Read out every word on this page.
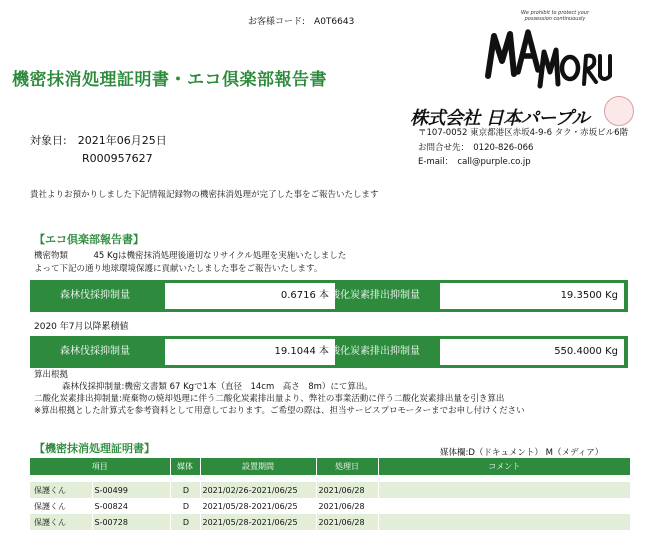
お客様コード:　A0T6643
機密抹消処理証明書・エコ倶楽部報告書
We prohibit to protect your possession continuously
株式会社 日本パープル
〒107-0052 東京都港区赤坂4-9-6 タク・赤坂ビル6階
お問合せ先：　0120-826-066
E-mail：　call@purple.co.jp
対象日:　2021年06月25日
R000957627
貴社よりお預かりしました下記情報記録物の機密抹消処理が完了した事をご報告いたします
【エコ倶楽部報告書】
機密物類　　　45 Kgは機密抹消処理後適切なリサイクル処理を実施いたしました
よって下記の通り地球環境保護に貢献いたしました事をご報告いたします。
森林伐採抑制量	0.6716 本
二酸化炭素排出抑制量	19.3500 Kg
2020 年7月以降累積値
森林伐採抑制量	19.1044 本
二酸化炭素排出抑制量	550.4000 Kg
算出根拠
森林伐採抑制量:機密文書類 67 Kgで1本（直径　14cm　高さ　8m）にて算出。
二酸化炭素排出抑制量:廃棄物の焼却処理に伴う二酸化炭素排出量より、弊社の事業活動に伴う二酸化炭素排出量を引き算出
※算出根拠とした計算式を参考資料として用意しております。ご希望の際は、担当サービスプロモーターまでお申し付けください
【機密抹消処理証明書】	媒体欄:D（ドキュメント） M（メディア）
項目		媒体	設置期間	処理日	コメント

保護くん	S-00499	D	2021/02/26-2021/06/25	2021/06/28	
保護くん	S-00824	D	2021/05/28-2021/06/25	2021/06/28	
保護くん	S-00728	D	2021/05/28-2021/06/25	2021/06/28	
